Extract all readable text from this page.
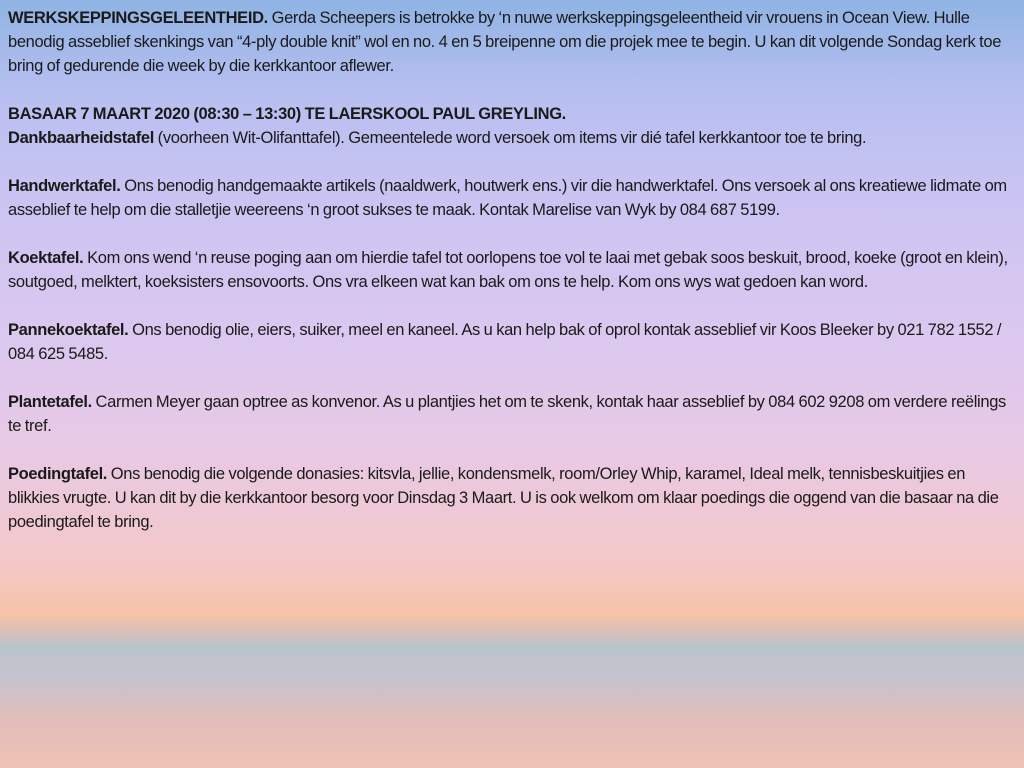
WERKSKEPPINGSGELEENTHEID. Gerda Scheepers is betrokke by ‘n nuwe werkskeppingsgeleentheid vir vrouens in Ocean View. Hulle benodig asseblief skenkings van “4-ply double knit” wol en no. 4 en 5 breipenne om die projek mee te begin. U kan dit volgende Sondag kerk toe bring of gedurende die week by die kerkkantoor aflewer.

BASAAR 7 MAART 2020 (08:30 – 13:30) TE LAERSKOOL PAUL GREYLING.
Dankbaarheidstafel (voorheen Wit-Olifanttafel). Gemeentelede word versoek om items vir dié tafel kerkkantoor toe te bring.

Handwerktafel. Ons benodig handgemaakte artikels (naaldwerk, houtwerk ens.) vir die handwerktafel. Ons versoek al ons kreatiewe lidmate om asseblief te help om die stalletjie weereens ‘n groot sukses te maak. Kontak Marelise van Wyk by 084 687 5199.

Koektafel. Kom ons wend ‘n reuse poging aan om hierdie tafel tot oorlopens toe vol te laai met gebak soos beskuit, brood, koeke (groot en klein), soutgoed, melktert, koeksisters ensovoorts. Ons vra elkeen wat kan bak om ons te help. Kom ons wys wat gedoen kan word.

Pannekoektafel. Ons benodig olie, eiers, suiker, meel en kaneel. As u kan help bak of oprol kontak asseblief vir Koos Bleeker by 021 782 1552 / 084 625 5485.

Plantetafel. Carmen Meyer gaan optree as konvenor. As u plantjies het om te skenk, kontak haar asseblief by 084 602 9208 om verdere reëlings te tref.

Poedingtafel. Ons benodig die volgende donasies: kitsvla, jellie, kondensmelk, room/Orley Whip, karamel, Ideal melk, tennisbeskuitjies en blikkies vrugte. U kan dit by die kerkkantoor besorg voor Dinsdag 3 Maart. U is ook welkom om klaar poedings die oggend van die basaar na die poedingtafel te bring.
